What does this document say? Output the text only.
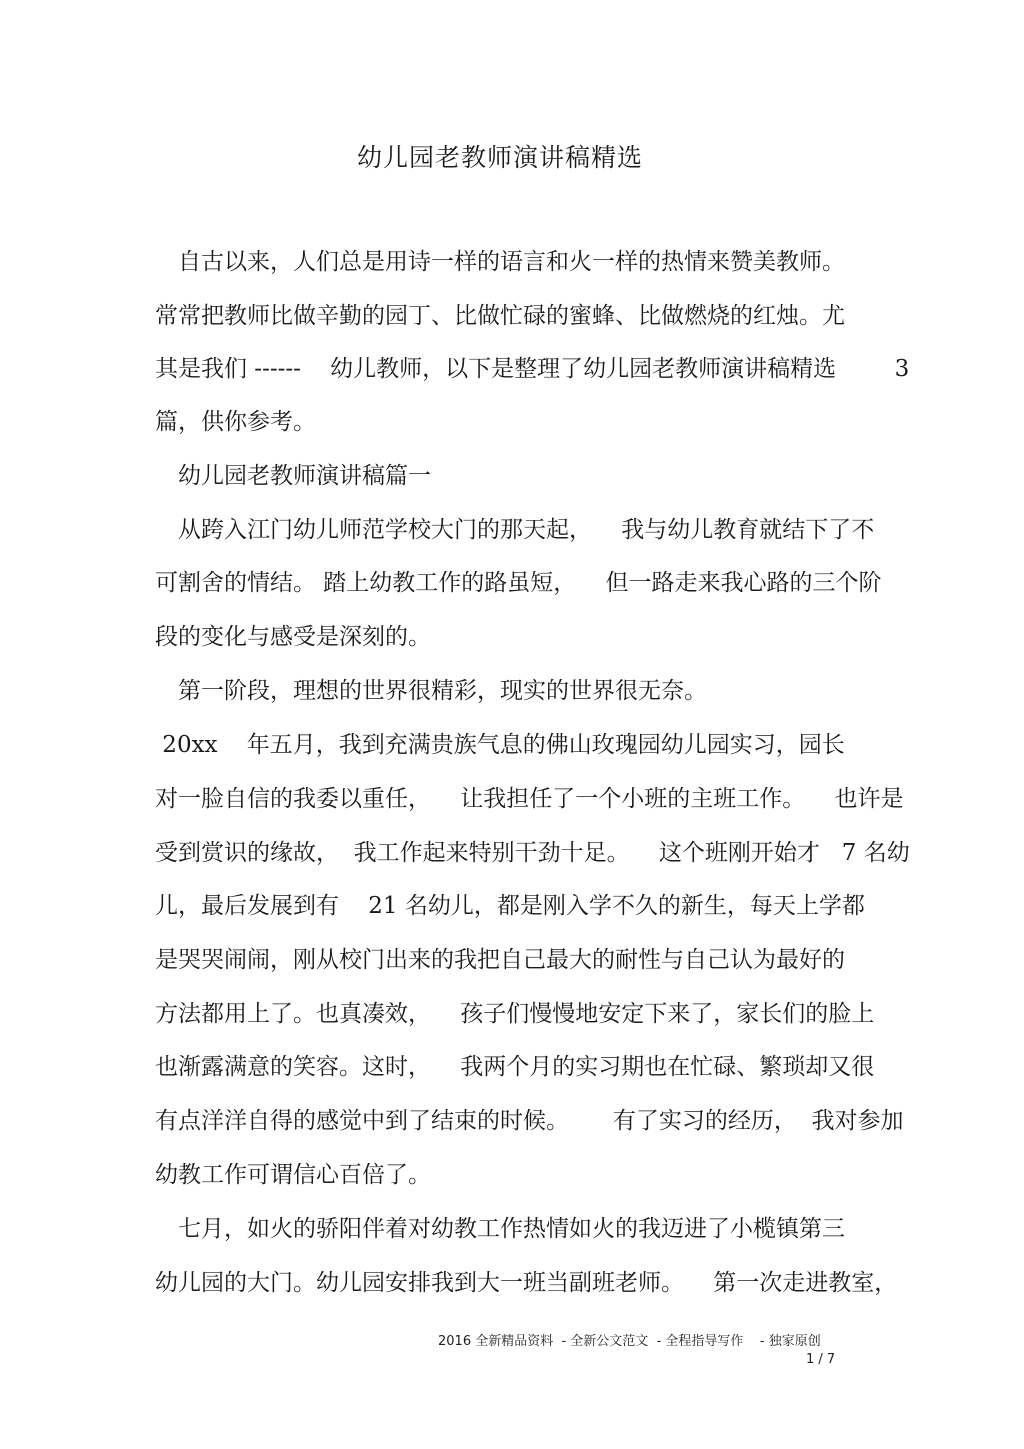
幼儿园老教师演讲稿精选
自古以来，人们总是用诗一样的语言和火一样的热情来赞美教师。
常常把教师比做辛勤的园丁、比做忙碌的蜜蜂、比做燃烧的红烛。尤
其是我们 ------    幼儿教师，以下是整理了幼儿园老教师演讲稿精选        3
篇，供你参考。
幼儿园老教师演讲稿篇一
从跨入江门幼儿师范学校大门的那天起，    我与幼儿教育就结下了不
可割舍的情结。 踏上幼教工作的路虽短，    但一路走来我心路的三个阶
段的变化与感受是深刻的。
第一阶段，理想的世界很精彩，现实的世界很无奈。
20xx    年五月，我到充满贵族气息的佛山玫瑰园幼儿园实习，园长
对一脸自信的我委以重任，    让我担任了一个小班的主班工作。    也许是
受到赏识的缘故，  我工作起来特别干劲十足。    这个班刚开始才   7 名幼
儿，最后发展到有    21 名幼儿，都是刚入学不久的新生，每天上学都
是哭哭闹闹，刚从校门出来的我把自己最大的耐性与自己认为最好的
方法都用上了。也真凑效，    孩子们慢慢地安定下来了，家长们的脸上
也渐露满意的笑容。这时，    我两个月的实习期也在忙碌、繁琐却又很
有点洋洋自得的感觉中到了结束的时候。      有了实习的经历，  我对参加
幼教工作可谓信心百倍了。
七月，如火的骄阳伴着对幼教工作热情如火的我迈进了小榄镇第三
幼儿园的大门。幼儿园安排我到大一班当副班老师。    第一次走进教室，
2016 全新精品资料  - 全新公文范文  - 全程指导写作    - 独家原创
1 / 7
